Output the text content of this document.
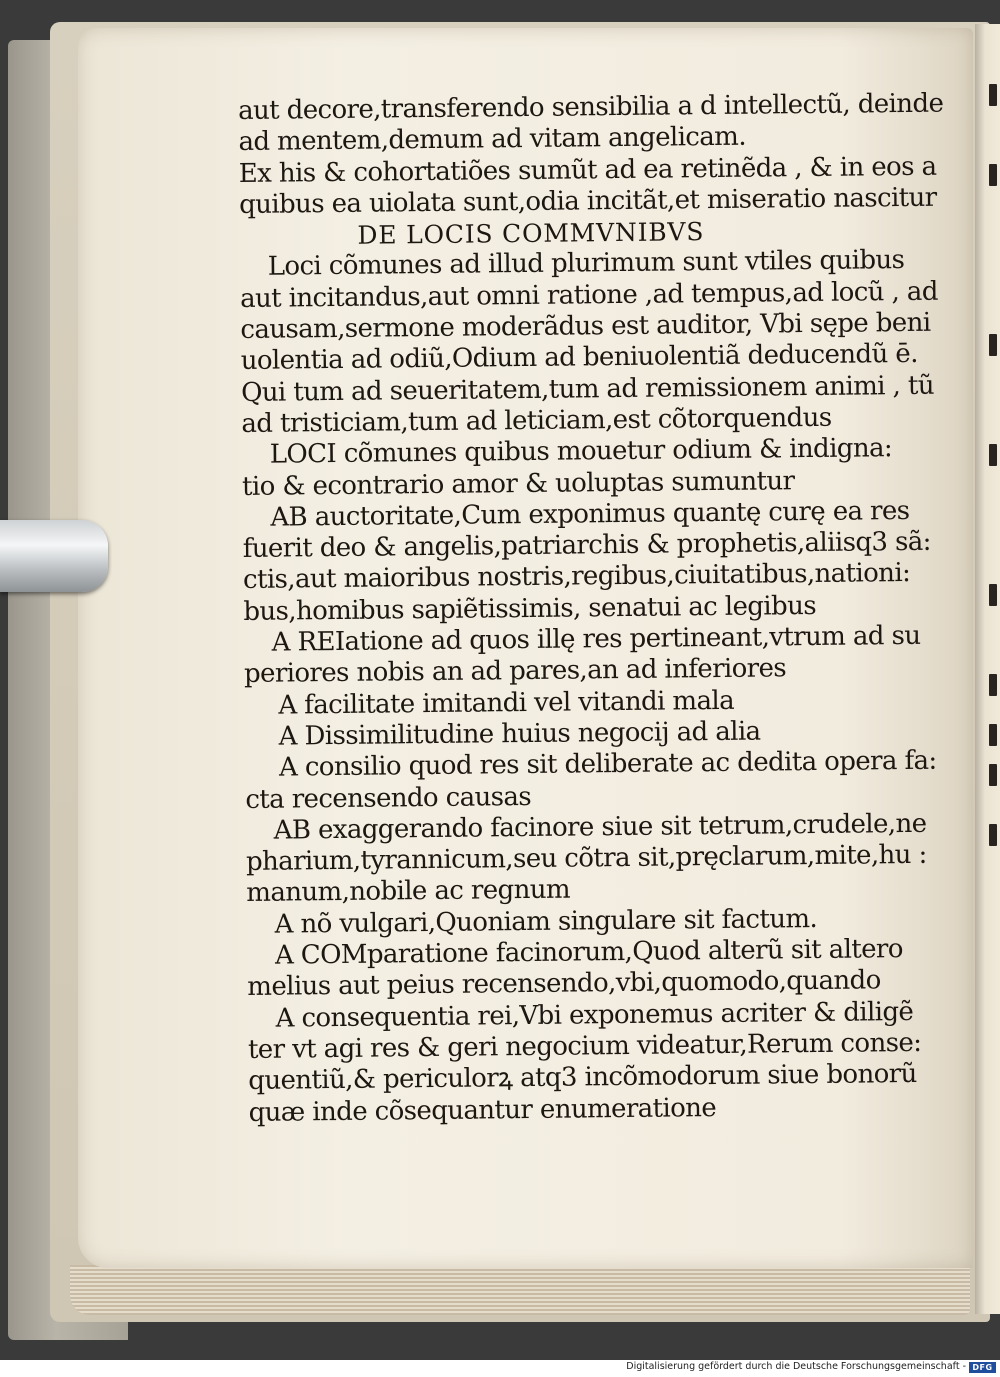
aut decore,transferendo sensibilia a d intellectũ, deinde
ad mentem,demum ad vitam angelicam.
Ex his & cohortatiões sumũt ad ea retinẽda , & in eos a
quibus ea uiolata sunt,odia incitãt,et miseratio nascitur
DE LOCIS COMMVNIBVS
Loci cõmunes ad illud plurimum sunt vtiles quibus
aut incitandus,aut omni ratione ,ad tempus,ad locũ , ad
causam,sermone moderãdus est auditor, Vbi sępe beni
uolentia ad odiũ,Odium ad beniuolentiã deducendũ ē.
Qui tum ad seueritatem,tum ad remissionem animi , tũ
ad tristiciam,tum ad leticiam,est cõtorquendus
LOCI cõmunes quibus mouetur odium & indigna:
tio & econtrario amor & uoluptas sumuntur
AB auctoritate,Cum exponimus quantę curę ea res
fuerit deo & angelis,patriarchis & prophetis,aliisq3 sã:
ctis,aut maioribus nostris,regibus,ciuitatibus,nationi:
bus,homibus sapiẽtissimis, senatui ac legibus
A REIatione ad quos illę res pertineant,vtrum ad su
periores nobis an ad pares,an ad inferiores
A facilitate imitandi vel vitandi mala
A Dissimilitudine huius negocij ad alia
A consilio quod res sit deliberate ac dedita opera fa:
cta recensendo causas
AB exaggerando facinore siue sit tetrum,crudele,ne
pharium,tyrannicum,seu cõtra sit,pręclarum,mite,hu :
manum,nobile ac regnum
A nõ vulgari,Quoniam singulare sit factum.
A COMparatione facinorum,Quod alterũ sit altero
melius aut peius recensendo,vbi,quomodo,quando
A consequentia rei,Vbi exponemus acriter & diligẽ
ter vt agi res & geri negocium videatur,Rerum conse:
quentiũ,& periculorꝝ atq3 incõmodorum siue bonorũ
quæ inde cõsequantur enumeratione
Digitalisierung gefördert durch die Deutsche Forschungsgemeinschaft - DFG
